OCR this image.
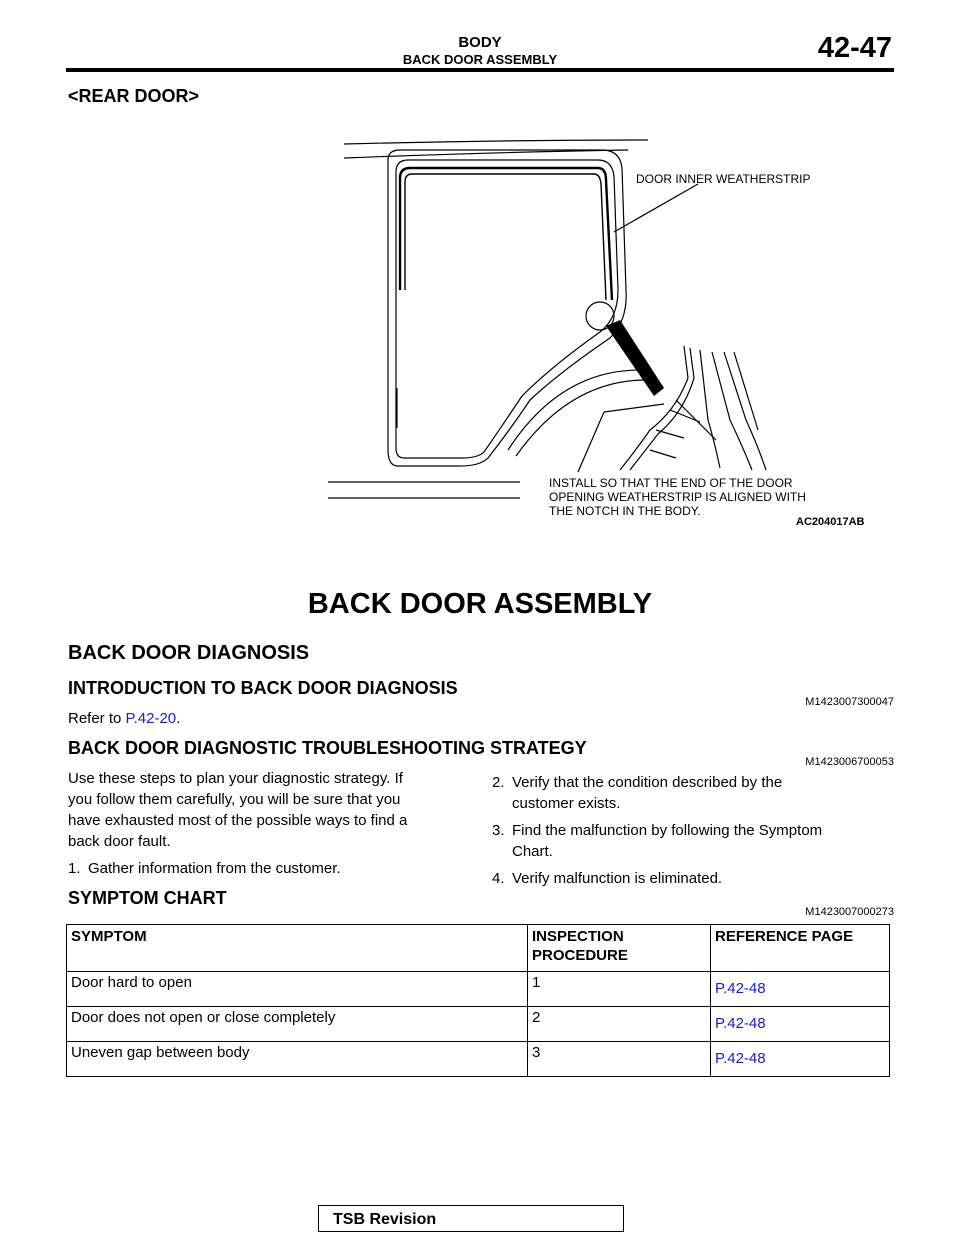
BODY
BACK DOOR ASSEMBLY	42-47
<REAR DOOR>
DOOR INNER WEATHERSTRIP
INSTALL SO THAT THE END OF THE DOOR
OPENING WEATHERSTRIP IS ALIGNED WITH
THE NOTCH IN THE BODY.
AC204017AB
BACK DOOR ASSEMBLY
BACK DOOR DIAGNOSIS
INTRODUCTION TO BACK DOOR DIAGNOSIS
M1423007300047
Refer to P.42-20.
BACK DOOR DIAGNOSTIC TROUBLESHOOTING STRATEGY
M1423006700053
Use these steps to plan your diagnostic strategy. If
you follow them carefully, you will be sure that you
have exhausted most of the possible ways to find a
back door fault.
1. Gather information from the customer.
2. Verify that the condition described by the
customer exists.
3. Find the malfunction by following the Symptom
Chart.
4. Verify malfunction is eliminated.
SYMPTOM CHART
M1423007000273
SYMPTOM	INSPECTION PROCEDURE	REFERENCE PAGE
Door hard to open	1	P.42-48
Door does not open or close completely	2	P.42-48
Uneven gap between body	3	P.42-48
TSB Revision
